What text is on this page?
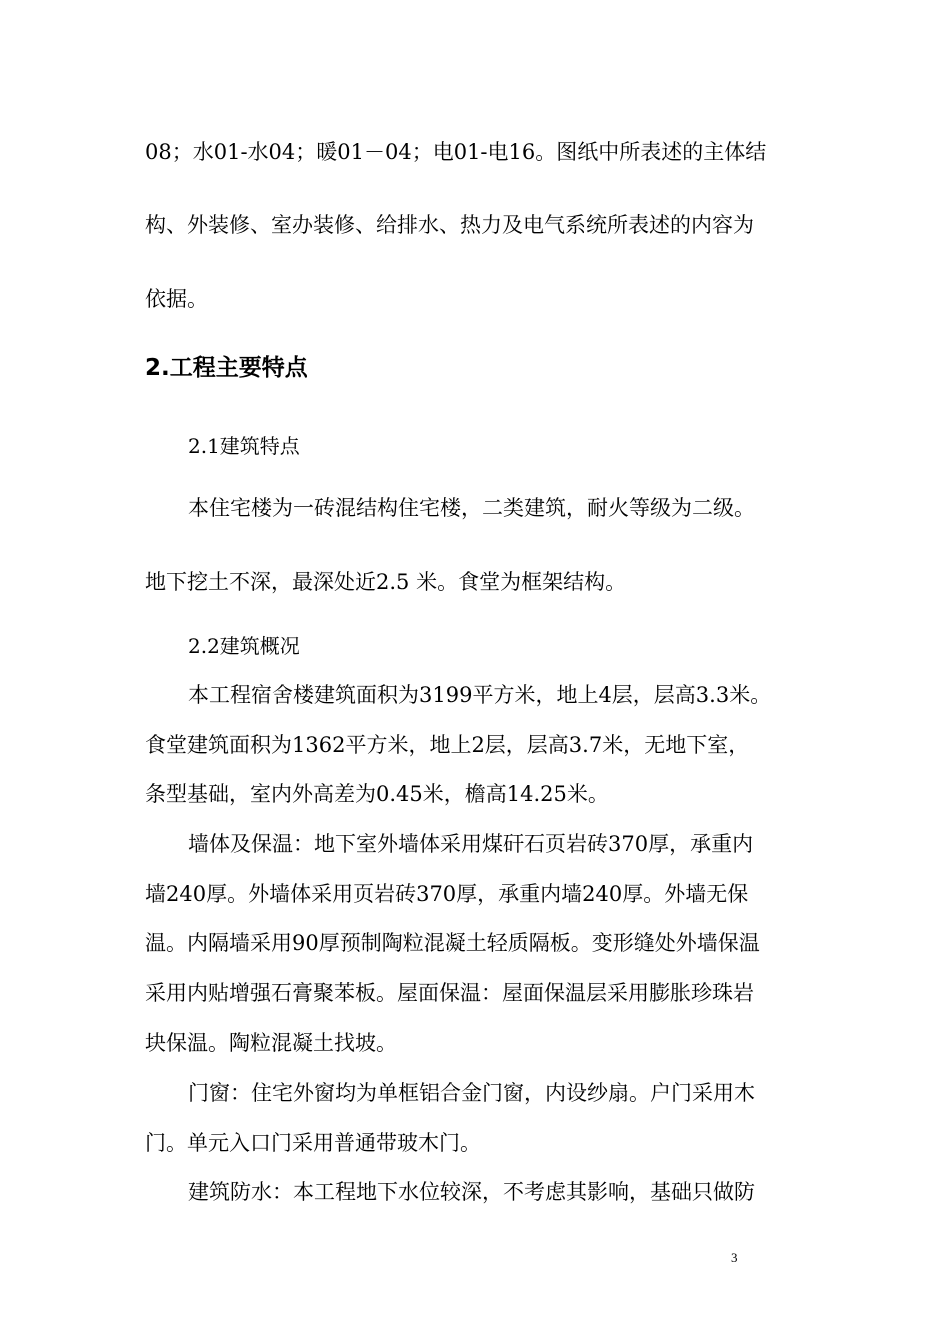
08；水01-水04；暖01－04；电01-电16。图纸中所表述的主体结
构、外装修、室办装修、给排水、热力及电气系统所表述的内容为
依据。
2.工程主要特点
2.1建筑特点
本住宅楼为一砖混结构住宅楼，二类建筑，耐火等级为二级。
地下挖土不深，最深处近2.5 米。食堂为框架结构。
2.2建筑概况
本工程宿舍楼建筑面积为3199平方米，地上4层，层高3.3米。
食堂建筑面积为1362平方米，地上2层，层高3.7米，无地下室，
条型基础，室内外高差为0.45米，檐高14.25米。
墙体及保温：地下室外墙体采用煤矸石页岩砖370厚，承重内
墙240厚。外墙体采用页岩砖370厚，承重内墙240厚。外墙无保
温。内隔墙采用90厚预制陶粒混凝土轻质隔板。变形缝处外墙保温
采用内贴增强石膏聚苯板。屋面保温：屋面保温层采用膨胀珍珠岩
块保温。陶粒混凝土找坡。
门窗：住宅外窗均为单框铝合金门窗，内设纱扇。户门采用木
门。单元入口门采用普通带玻木门。
建筑防水：本工程地下水位较深，不考虑其影响，基础只做防
3
